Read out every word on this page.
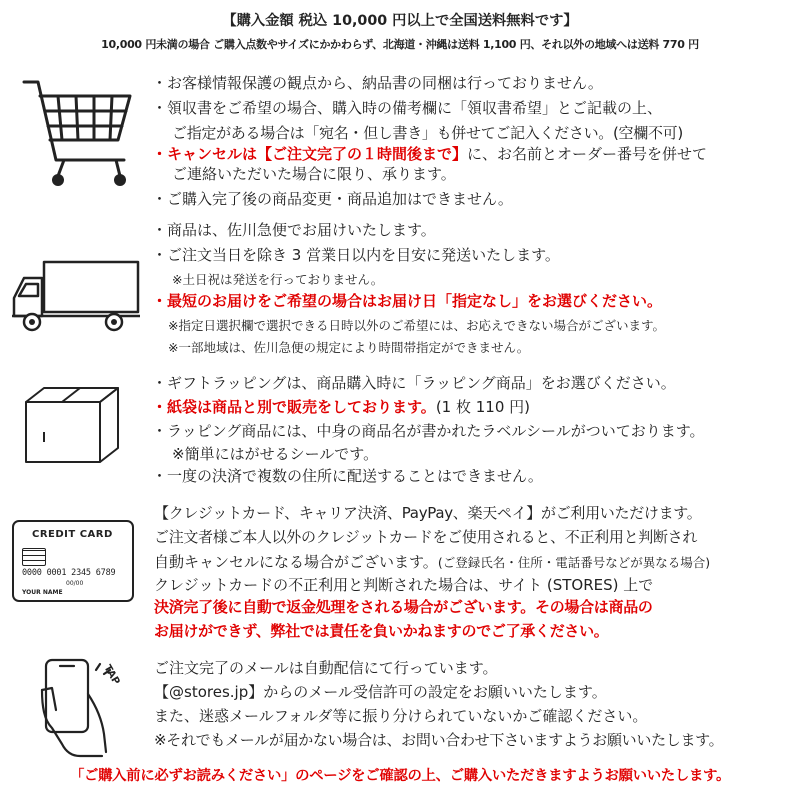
【購入金額 税込 10,000 円以上で全国送料無料です】
10,000 円未満の場合 ご購入点数やサイズにかかわらず、北海道・沖縄は送料 1,100 円、それ以外の地域へは送料 770 円
・お客様情報保護の観点から、納品書の同梱は行っておりません。
・領収書をご希望の場合、購入時の備考欄に「領収書希望」とご記載の上、
ご指定がある場合は「宛名・但し書き」も併せてご記入ください。(空欄不可)
・キャンセルは【ご注文完了の１時間後まで】に、お名前とオーダー番号を併せて
ご連絡いただいた場合に限り、承ります。
・ご購入完了後の商品変更・商品追加はできません。
・商品は、佐川急便でお届けいたします。
・ご注文当日を除き 3 営業日以内を目安に発送いたします。
※土日祝は発送を行っておりません。
・最短のお届けをご希望の場合はお届け日「指定なし」をお選びください。
※指定日選択欄で選択できる日時以外のご希望には、お応えできない場合がございます。
※一部地域は、佐川急便の規定により時間帯指定ができません。
・ギフトラッピングは、商品購入時に「ラッピング商品」をお選びください。
・紙袋は商品と別で販売をしております。(1 枚 110 円)
・ラッピング商品には、中身の商品名が書かれたラベルシールがついております。
※簡単にはがせるシールです。
・一度の決済で複数の住所に配送することはできません。
CREDIT CARD
0000 0001 2345 6789
00/00
YOUR NAME
【クレジットカード、キャリア決済、PayPay、楽天ペイ】がご利用いただけます。
ご注文者様ご本人以外のクレジットカードをご使用されると、不正利用と判断され
自動キャンセルになる場合がございます。(ご登録氏名・住所・電話番号などが異なる場合)
クレジットカードの不正利用と判断された場合は、サイト (STORES) 上で
決済完了後に自動で返金処理をされる場合がございます。その場合は商品の
お届けができず、弊社では責任を負いかねますのでご了承ください。
TAP ご注文完了のメールは自動配信にて行っています。
【@stores.jp】からのメール受信許可の設定をお願いいたします。
また、迷惑メールフォルダ等に振り分けられていないかご確認ください。
※それでもメールが届かない場合は、お問い合わせ下さいますようお願いいたします。
「ご購入前に必ずお読みください」のページをご確認の上、ご購入いただきますようお願いいたします。
